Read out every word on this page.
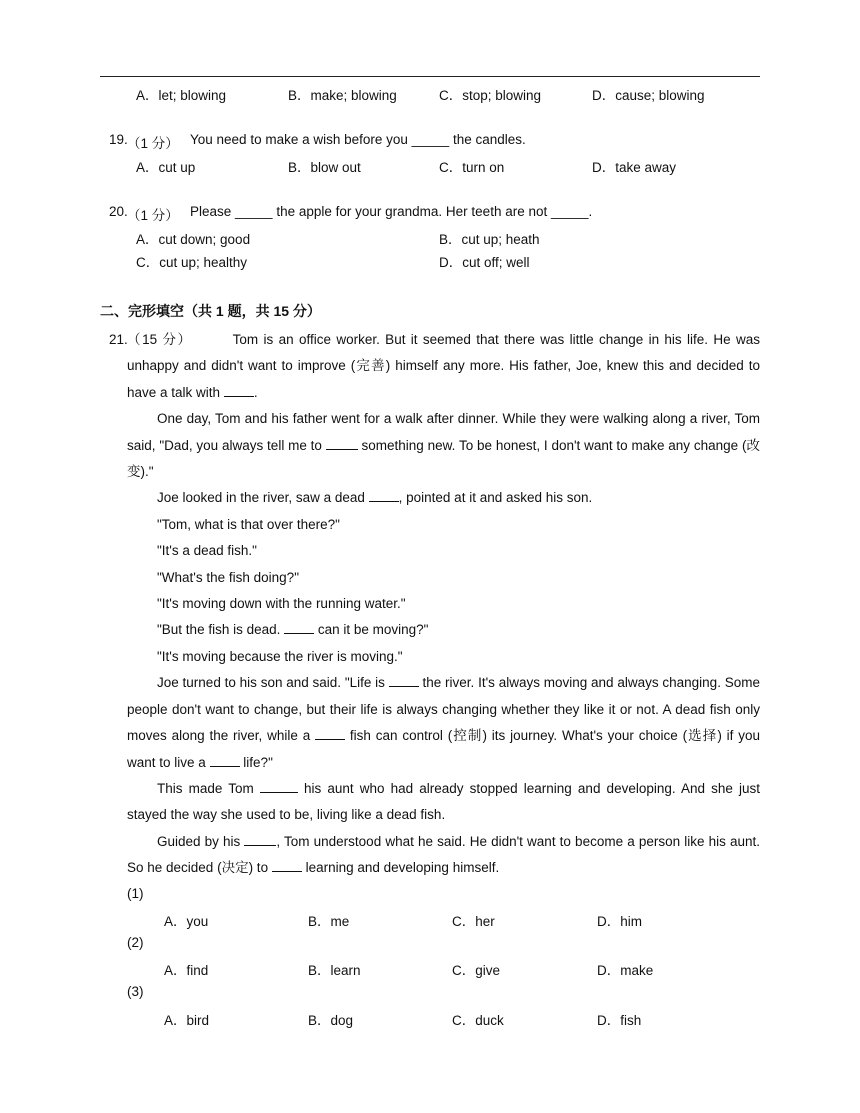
A．let; blowing	B．make; blowing	C．stop; blowing	D．cause; blowing
19. （1 分） You need to make a wish before you _____ the candles.
A．cut up	B．blow out	C．turn on	D．take away
20. （1 分） Please _____ the apple for your grandma. Her teeth are not _____.
A．cut down; good	B．cut up; heath
C．cut up; healthy	D．cut off; well
二、完形填空（共 1 题，共 15 分）
21. （15 分）	Tom is an office worker. But it seemed that there was little change in his life. He was unhappy and didn't want to improve (完善) himself any more. His father, Joe, knew this and decided to have a talk with .

One day, Tom and his father went for a walk after dinner. While they were walking along a river, Tom said, "Dad, you always tell me to  something new. To be honest, I don't want to make any change (改变)."

Joe looked in the river, saw a dead , pointed at it and asked his son.

"Tom, what is that over there?"

"It's a dead fish."

"What's the fish doing?"

"It's moving down with the running water."

"But the fish is dead.  can it be moving?"

"It's moving because the river is moving."

Joe turned to his son and said. "Life is  the river. It's always moving and always changing. Some people don't want to change, but their life is always changing whether they like it or not. A dead fish only moves along the river, while a  fish can control (控制) its journey. What's your choice (选择) if you want to live a  life?"

This made Tom	his aunt who had already stopped learning and developing. And she just stayed the way she used to be, living like a dead fish.

Guided by his , Tom understood what he said. He didn't want to become a person like his aunt. So he decided (决定) to  learning and developing himself.

(1)
A．you	B．me	C．her	D．him
(2)
A．find	B．learn	C．give	D．make
(3)
A．bird	B．dog	C．duck	D．fish
